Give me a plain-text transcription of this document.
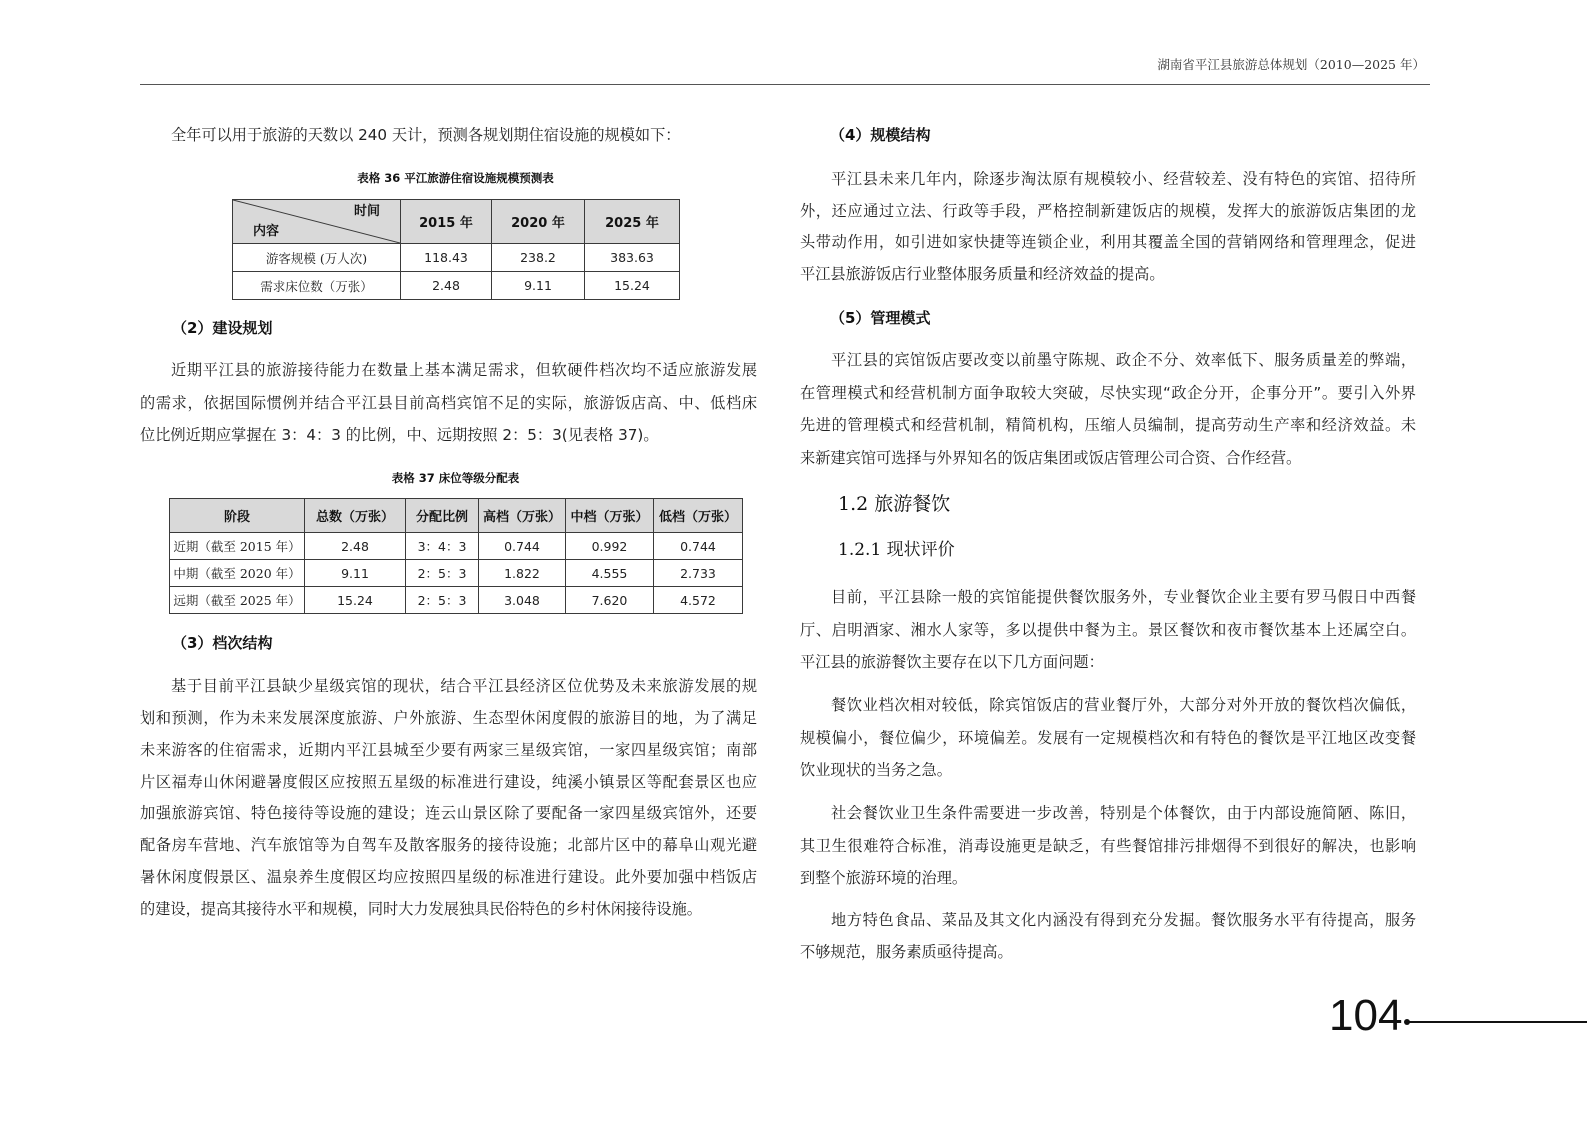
湖南省平江县旅游总体规划（2010—2025 年）
全年可以用于旅游的天数以 240 天计，预测各规划期住宿设施的规模如下：
表格 36 平江旅游住宿设施规模预测表
时间
内容	2015 年	2020 年	2025 年
游客规模 (万人次)	118.43	238.2	383.63
需求床位数（万张）	2.48	9.11	15.24
（2）建设规划
近期平江县的旅游接待能力在数量上基本满足需求，但软硬件档次均不适应旅游发展
的需求，依据国际惯例并结合平江县目前高档宾馆不足的实际，旅游饭店高、中、低档床
位比例近期应掌握在 3：4：3 的比例，中、远期按照 2：5：3(见表格 37)。
表格 37 床位等级分配表
阶段	总数（万张）	分配比例	高档（万张）	中档（万张）	低档（万张）
近期（截至 2015 年）	2.48	3：4：3	0.744	0.992	0.744
中期（截至 2020 年）	9.11	2：5：3	1.822	4.555	2.733
远期（截至 2025 年）	15.24	2：5：3	3.048	7.620	4.572
（3）档次结构
基于目前平江县缺少星级宾馆的现状，结合平江县经济区位优势及未来旅游发展的规
划和预测，作为未来发展深度旅游、户外旅游、生态型休闲度假的旅游目的地，为了满足
未来游客的住宿需求，近期内平江县城至少要有两家三星级宾馆，一家四星级宾馆；南部
片区福寿山休闲避暑度假区应按照五星级的标准进行建设，纯溪小镇景区等配套景区也应
加强旅游宾馆、特色接待等设施的建设；连云山景区除了要配备一家四星级宾馆外，还要
配备房车营地、汽车旅馆等为自驾车及散客服务的接待设施；北部片区中的幕阜山观光避
暑休闲度假景区、温泉养生度假区均应按照四星级的标准进行建设。此外要加强中档饭店
的建设，提高其接待水平和规模，同时大力发展独具民俗特色的乡村休闲接待设施。
（4）规模结构
平江县未来几年内，除逐步淘汰原有规模较小、经营较差、没有特色的宾馆、招待所
外，还应通过立法、行政等手段，严格控制新建饭店的规模，发挥大的旅游饭店集团的龙
头带动作用，如引进如家快捷等连锁企业，利用其覆盖全国的营销网络和管理理念，促进
平江县旅游饭店行业整体服务质量和经济效益的提高。
（5）管理模式
平江县的宾馆饭店要改变以前墨守陈规、政企不分、效率低下、服务质量差的弊端，
在管理模式和经营机制方面争取较大突破，尽快实现“政企分开，企事分开”。要引入外界
先进的管理模式和经营机制，精简机构，压缩人员编制，提高劳动生产率和经济效益。未
来新建宾馆可选择与外界知名的饭店集团或饭店管理公司合资、合作经营。
1.2 旅游餐饮
1.2.1 现状评价
目前，平江县除一般的宾馆能提供餐饮服务外，专业餐饮企业主要有罗马假日中西餐
厅、启明酒家、湘水人家等，多以提供中餐为主。景区餐饮和夜市餐饮基本上还属空白。
平江县的旅游餐饮主要存在以下几方面问题：
餐饮业档次相对较低，除宾馆饭店的营业餐厅外，大部分对外开放的餐饮档次偏低，
规模偏小，餐位偏少，环境偏差。发展有一定规模档次和有特色的餐饮是平江地区改变餐
饮业现状的当务之急。
社会餐饮业卫生条件需要进一步改善，特别是个体餐饮，由于内部设施简陋、陈旧，
其卫生很难符合标准，消毒设施更是缺乏，有些餐馆排污排烟得不到很好的解决，也影响
到整个旅游环境的治理。
地方特色食品、菜品及其文化内涵没有得到充分发掘。餐饮服务水平有待提高，服务
不够规范，服务素质亟待提高。
104
